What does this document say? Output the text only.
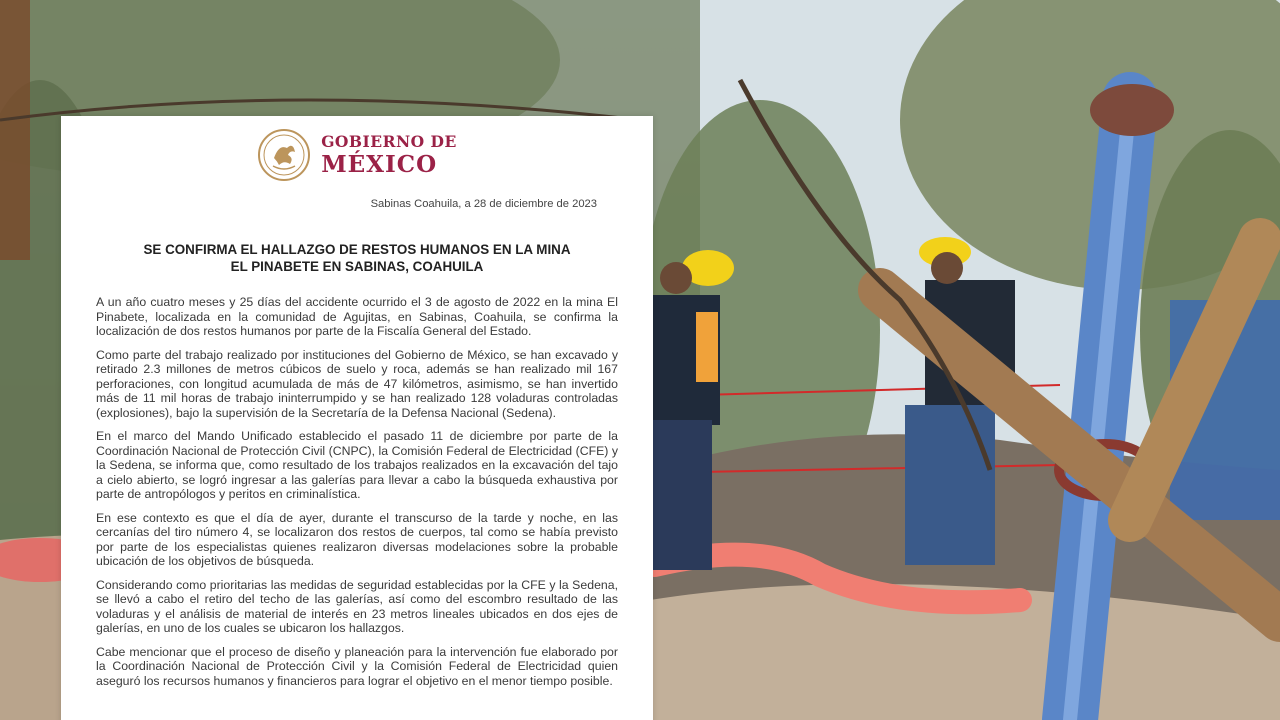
GOBIERNO DE
MÉXICO
Sabinas Coahuila, a 28 de diciembre de 2023
SE CONFIRMA EL HALLAZGO DE RESTOS HUMANOS EN LA MINA
EL PINABETE EN SABINAS, COAHUILA

A un año cuatro meses y 25 días del accidente ocurrido el 3 de agosto de 2022 en la mina El Pinabete, localizada en la comunidad de Agujitas, en Sabinas, Coahuila, se confirma la localización de dos restos humanos por parte de la Fiscalía General del Estado.

Como parte del trabajo realizado por instituciones del Gobierno de México, se han excavado y retirado 2.3 millones de metros cúbicos de suelo y roca, además se han realizado mil 167 perforaciones, con longitud acumulada de más de 47 kilómetros, asimismo, se han invertido más de 11 mil horas de trabajo ininterrumpido y se han realizado 128 voladuras controladas (explosiones), bajo la supervisión de la Secretaría de la Defensa Nacional (Sedena).

En el marco del Mando Unificado establecido el pasado 11 de diciembre por parte de la Coordinación Nacional de Protección Civil (CNPC), la Comisión Federal de Electricidad (CFE) y la Sedena, se informa que, como resultado de los trabajos realizados en la excavación del tajo a cielo abierto, se logró ingresar a las galerías para llevar a cabo la búsqueda exhaustiva por parte de antropólogos y peritos en criminalística.

En ese contexto es que el día de ayer, durante el transcurso de la tarde y noche, en las cercanías del tiro número 4, se localizaron dos restos de cuerpos, tal como se había previsto por parte de los especialistas quienes realizaron diversas modelaciones sobre la probable ubicación de los objetivos de búsqueda.

Considerando como prioritarias las medidas de seguridad establecidas por la CFE y la Sedena, se llevó a cabo el retiro del techo de las galerías, así como del escombro resultado de las voladuras y el análisis de material de interés en 23 metros lineales ubicados en dos ejes de galerías, en uno de los cuales se ubicaron los hallazgos.

Cabe mencionar que el proceso de diseño y planeación para la intervención fue elaborado por la Coordinación Nacional de Protección Civil y la Comisión Federal de Electricidad quien aseguró los recursos humanos y financieros para lograr el objetivo en el menor tiempo posible.
